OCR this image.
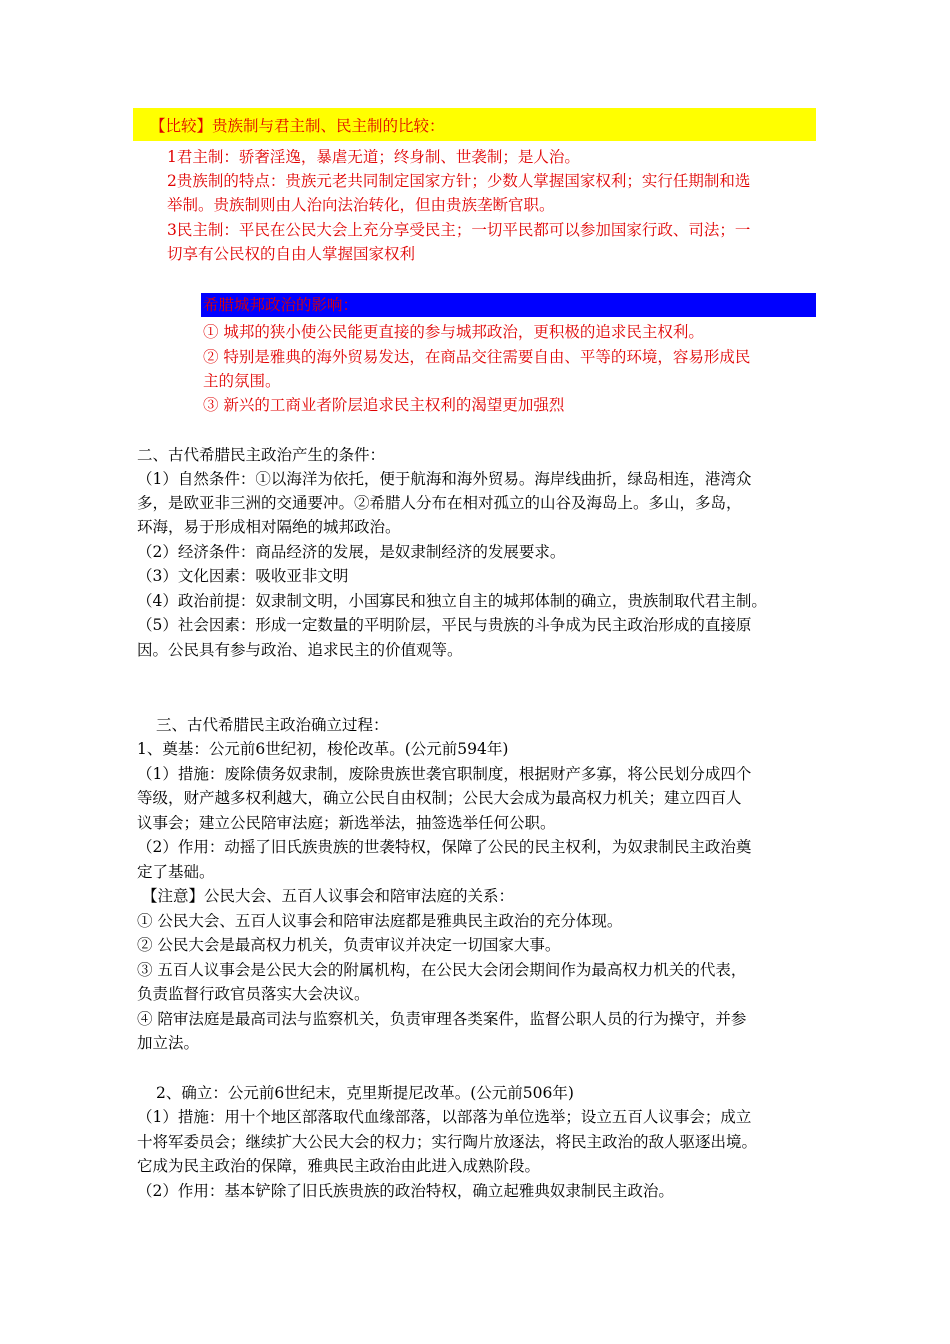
【比较】贵族制与君主制、民主制的比较：
1君主制：骄奢淫逸，暴虐无道；终身制、世袭制；是人治。
2贵族制的特点：贵族元老共同制定国家方针；少数人掌握国家权利；实行任期制和选
举制。贵族制则由人治向法治转化，但由贵族垄断官职。
3民主制：平民在公民大会上充分享受民主；一切平民都可以参加国家行政、司法；一
切享有公民权的自由人掌握国家权利
希腊城邦政治的影响：
① 城邦的狭小使公民能更直接的参与城邦政治，更积极的追求民主权利。
② 特别是雅典的海外贸易发达，在商品交往需要自由、平等的环境，容易形成民
主的氛围。
③ 新兴的工商业者阶层追求民主权利的渴望更加强烈
二、古代希腊民主政治产生的条件：
（1）自然条件：①以海洋为依托，便于航海和海外贸易。海岸线曲折，绿岛相连，港湾众
多，是欧亚非三洲的交通要冲。②希腊人分布在相对孤立的山谷及海岛上。多山，多岛，
环海，易于形成相对隔绝的城邦政治。
（2）经济条件：商品经济的发展，是奴隶制经济的发展要求。
（3）文化因素：吸收亚非文明
（4）政治前提：奴隶制文明，小国寡民和独立自主的城邦体制的确立，贵族制取代君主制。
（5）社会因素：形成一定数量的平明阶层，平民与贵族的斗争成为民主政治形成的直接原
因。公民具有参与政治、追求民主的价值观等。
三、古代希腊民主政治确立过程：
1、奠基：公元前6世纪初，梭伦改革。(公元前594年)
（1）措施：废除债务奴隶制，废除贵族世袭官职制度，根据财产多寡，将公民划分成四个
等级，财产越多权利越大，确立公民自由权制；公民大会成为最高权力机关；建立四百人
议事会；建立公民陪审法庭；新选举法，抽签选举任何公职。
（2）作用：动摇了旧氏族贵族的世袭特权，保障了公民的民主权利，为奴隶制民主政治奠
定了基础。
【注意】公民大会、五百人议事会和陪审法庭的关系：
① 公民大会、五百人议事会和陪审法庭都是雅典民主政治的充分体现。
② 公民大会是最高权力机关，负责审议并决定一切国家大事。
③ 五百人议事会是公民大会的附属机构，在公民大会闭会期间作为最高权力机关的代表，
负责监督行政官员落实大会决议。
④ 陪审法庭是最高司法与监察机关，负责审理各类案件，监督公职人员的行为操守，并参
加立法。
2、确立：公元前6世纪末，克里斯提尼改革。(公元前506年)
（1）措施：用十个地区部落取代血缘部落，以部落为单位选举；设立五百人议事会；成立
十将军委员会；继续扩大公民大会的权力；实行陶片放逐法，将民主政治的敌人驱逐出境。
它成为民主政治的保障，雅典民主政治由此进入成熟阶段。
（2）作用：基本铲除了旧氏族贵族的政治特权，确立起雅典奴隶制民主政治。
